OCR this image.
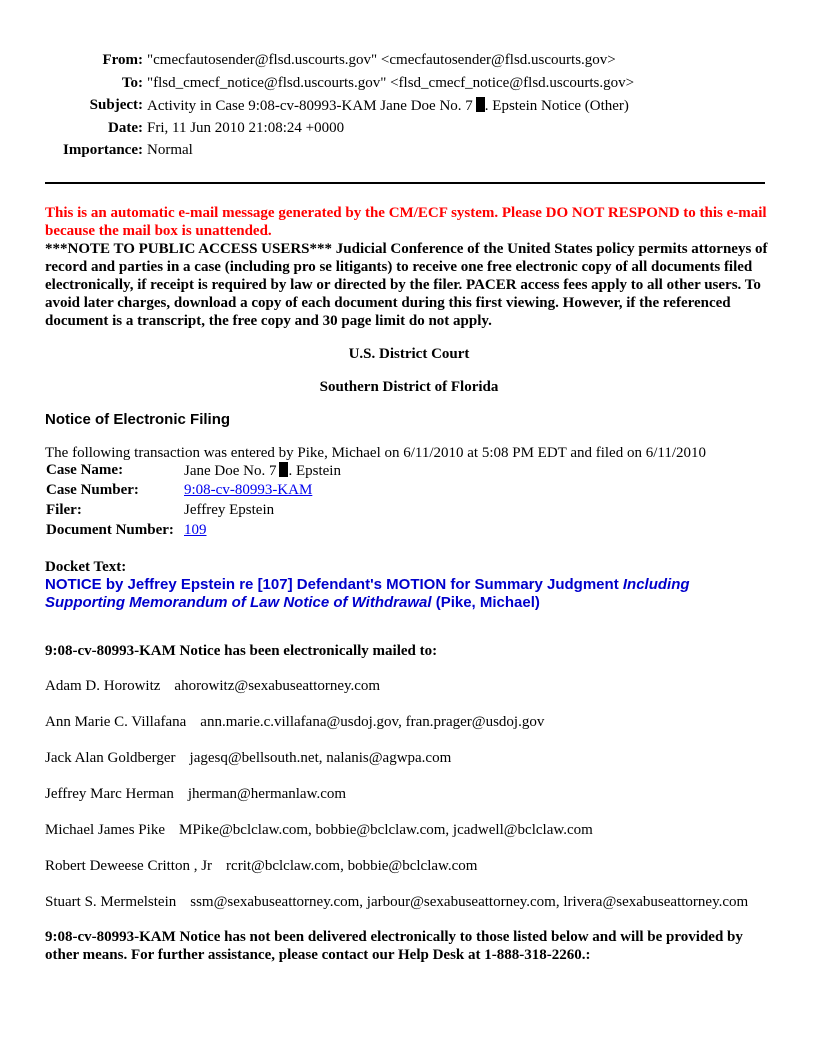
From:	"cmecfautosender@flsd.uscourts.gov" <cmecfautosender@flsd.uscourts.gov>
To:	"flsd_cmecf_notice@flsd.uscourts.gov" <flsd_cmecf_notice@flsd.uscourts.gov>
Subject:	Activity in Case 9:08-cv-80993-KAM Jane Doe No. 7 . Epstein Notice (Other)
Date:	Fri, 11 Jun 2010 21:08:24 +0000
Importance:	Normal
This is an automatic e-mail message generated by the CM/ECF system. Please DO NOT RESPOND to this e-mail because the mail box is unattended.
***NOTE TO PUBLIC ACCESS USERS*** Judicial Conference of the United States policy permits attorneys of record and parties in a case (including pro se litigants) to receive one free electronic copy of all documents filed electronically, if receipt is required by law or directed by the filer. PACER access fees apply to all other users. To avoid later charges, download a copy of each document during this first viewing. However, if the referenced document is a transcript, the free copy and 30 page limit do not apply.
U.S. District Court
Southern District of Florida
Notice of Electronic Filing
The following transaction was entered by Pike, Michael on 6/11/2010 at 5:08 PM EDT and filed on 6/11/2010
Case Name:	Jane Doe No. 7 . Epstein
Case Number:	9:08-cv-80993-KAM
Filer:	Jeffrey Epstein
Document Number:	109
Docket Text:
NOTICE by Jeffrey Epstein re [107] Defendant's MOTION for Summary Judgment Including Supporting Memorandum of Law Notice of Withdrawal (Pike, Michael)
9:08-cv-80993-KAM Notice has been electronically mailed to:

Adam D. Horowitz ahorowitz@sexabuseattorney.com

Ann Marie C. Villafana ann.marie.c.villafana@usdoj.gov, fran.prager@usdoj.gov

Jack Alan Goldberger jagesq@bellsouth.net, nalanis@agwpa.com

Jeffrey Marc Herman jherman@hermanlaw.com

Michael James Pike MPike@bclclaw.com, bobbie@bclclaw.com, jcadwell@bclclaw.com

Robert Deweese Critton , Jr rcrit@bclclaw.com, bobbie@bclclaw.com

Stuart S. Mermelstein ssm@sexabuseattorney.com, jarbour@sexabuseattorney.com, lrivera@sexabuseattorney.com

9:08-cv-80993-KAM Notice has not been delivered electronically to those listed below and will be provided by other means. For further assistance, please contact our Help Desk at 1-888-318-2260.:
